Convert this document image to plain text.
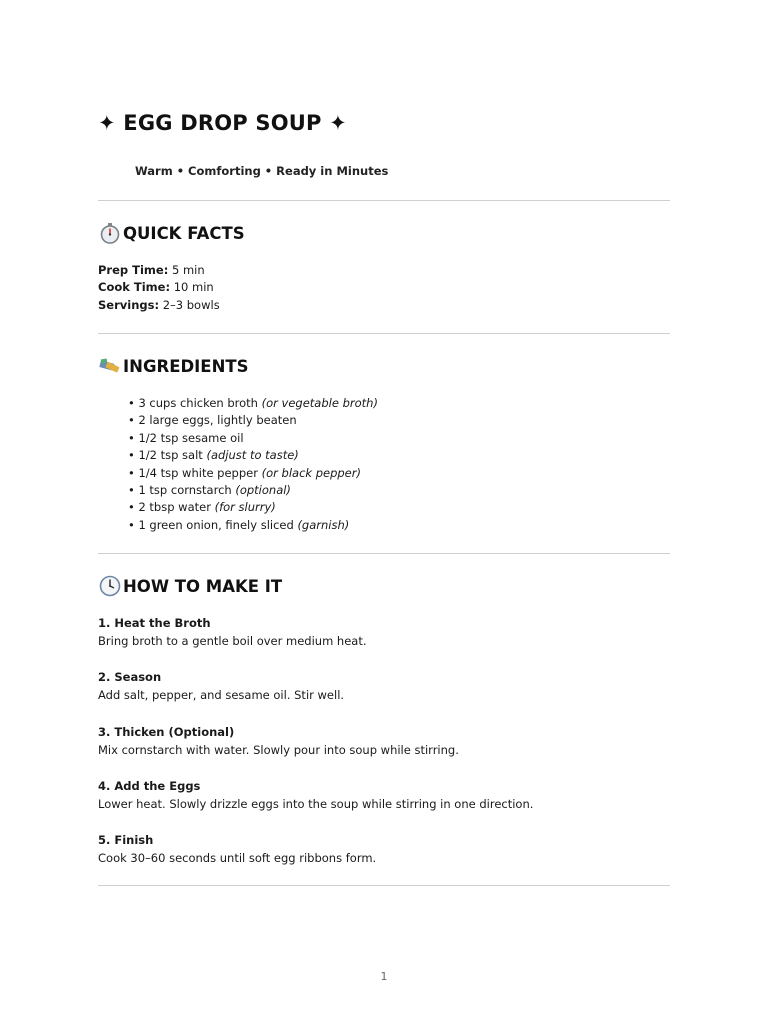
✦ EGG DROP SOUP ✦
Warm • Comforting • Ready in Minutes
QUICK FACTS
Prep Time: 5 min
Cook Time: 10 min
Servings: 2–3 bowls
INGREDIENTS
• 3 cups chicken broth (or vegetable broth)
• 2 large eggs, lightly beaten
• 1/2 tsp sesame oil
• 1/2 tsp salt (adjust to taste)
• 1/4 tsp white pepper (or black pepper)
• 1 tsp cornstarch (optional)
• 2 tbsp water (for slurry)
• 1 green onion, finely sliced (garnish)
HOW TO MAKE IT
1. Heat the Broth
Bring broth to a gentle boil over medium heat.
2. Season
Add salt, pepper, and sesame oil. Stir well.
3. Thicken (Optional)
Mix cornstarch with water. Slowly pour into soup while stirring.
4. Add the Eggs
Lower heat. Slowly drizzle eggs into the soup while stirring in one direction.
5. Finish
Cook 30–60 seconds until soft egg ribbons form.
1
